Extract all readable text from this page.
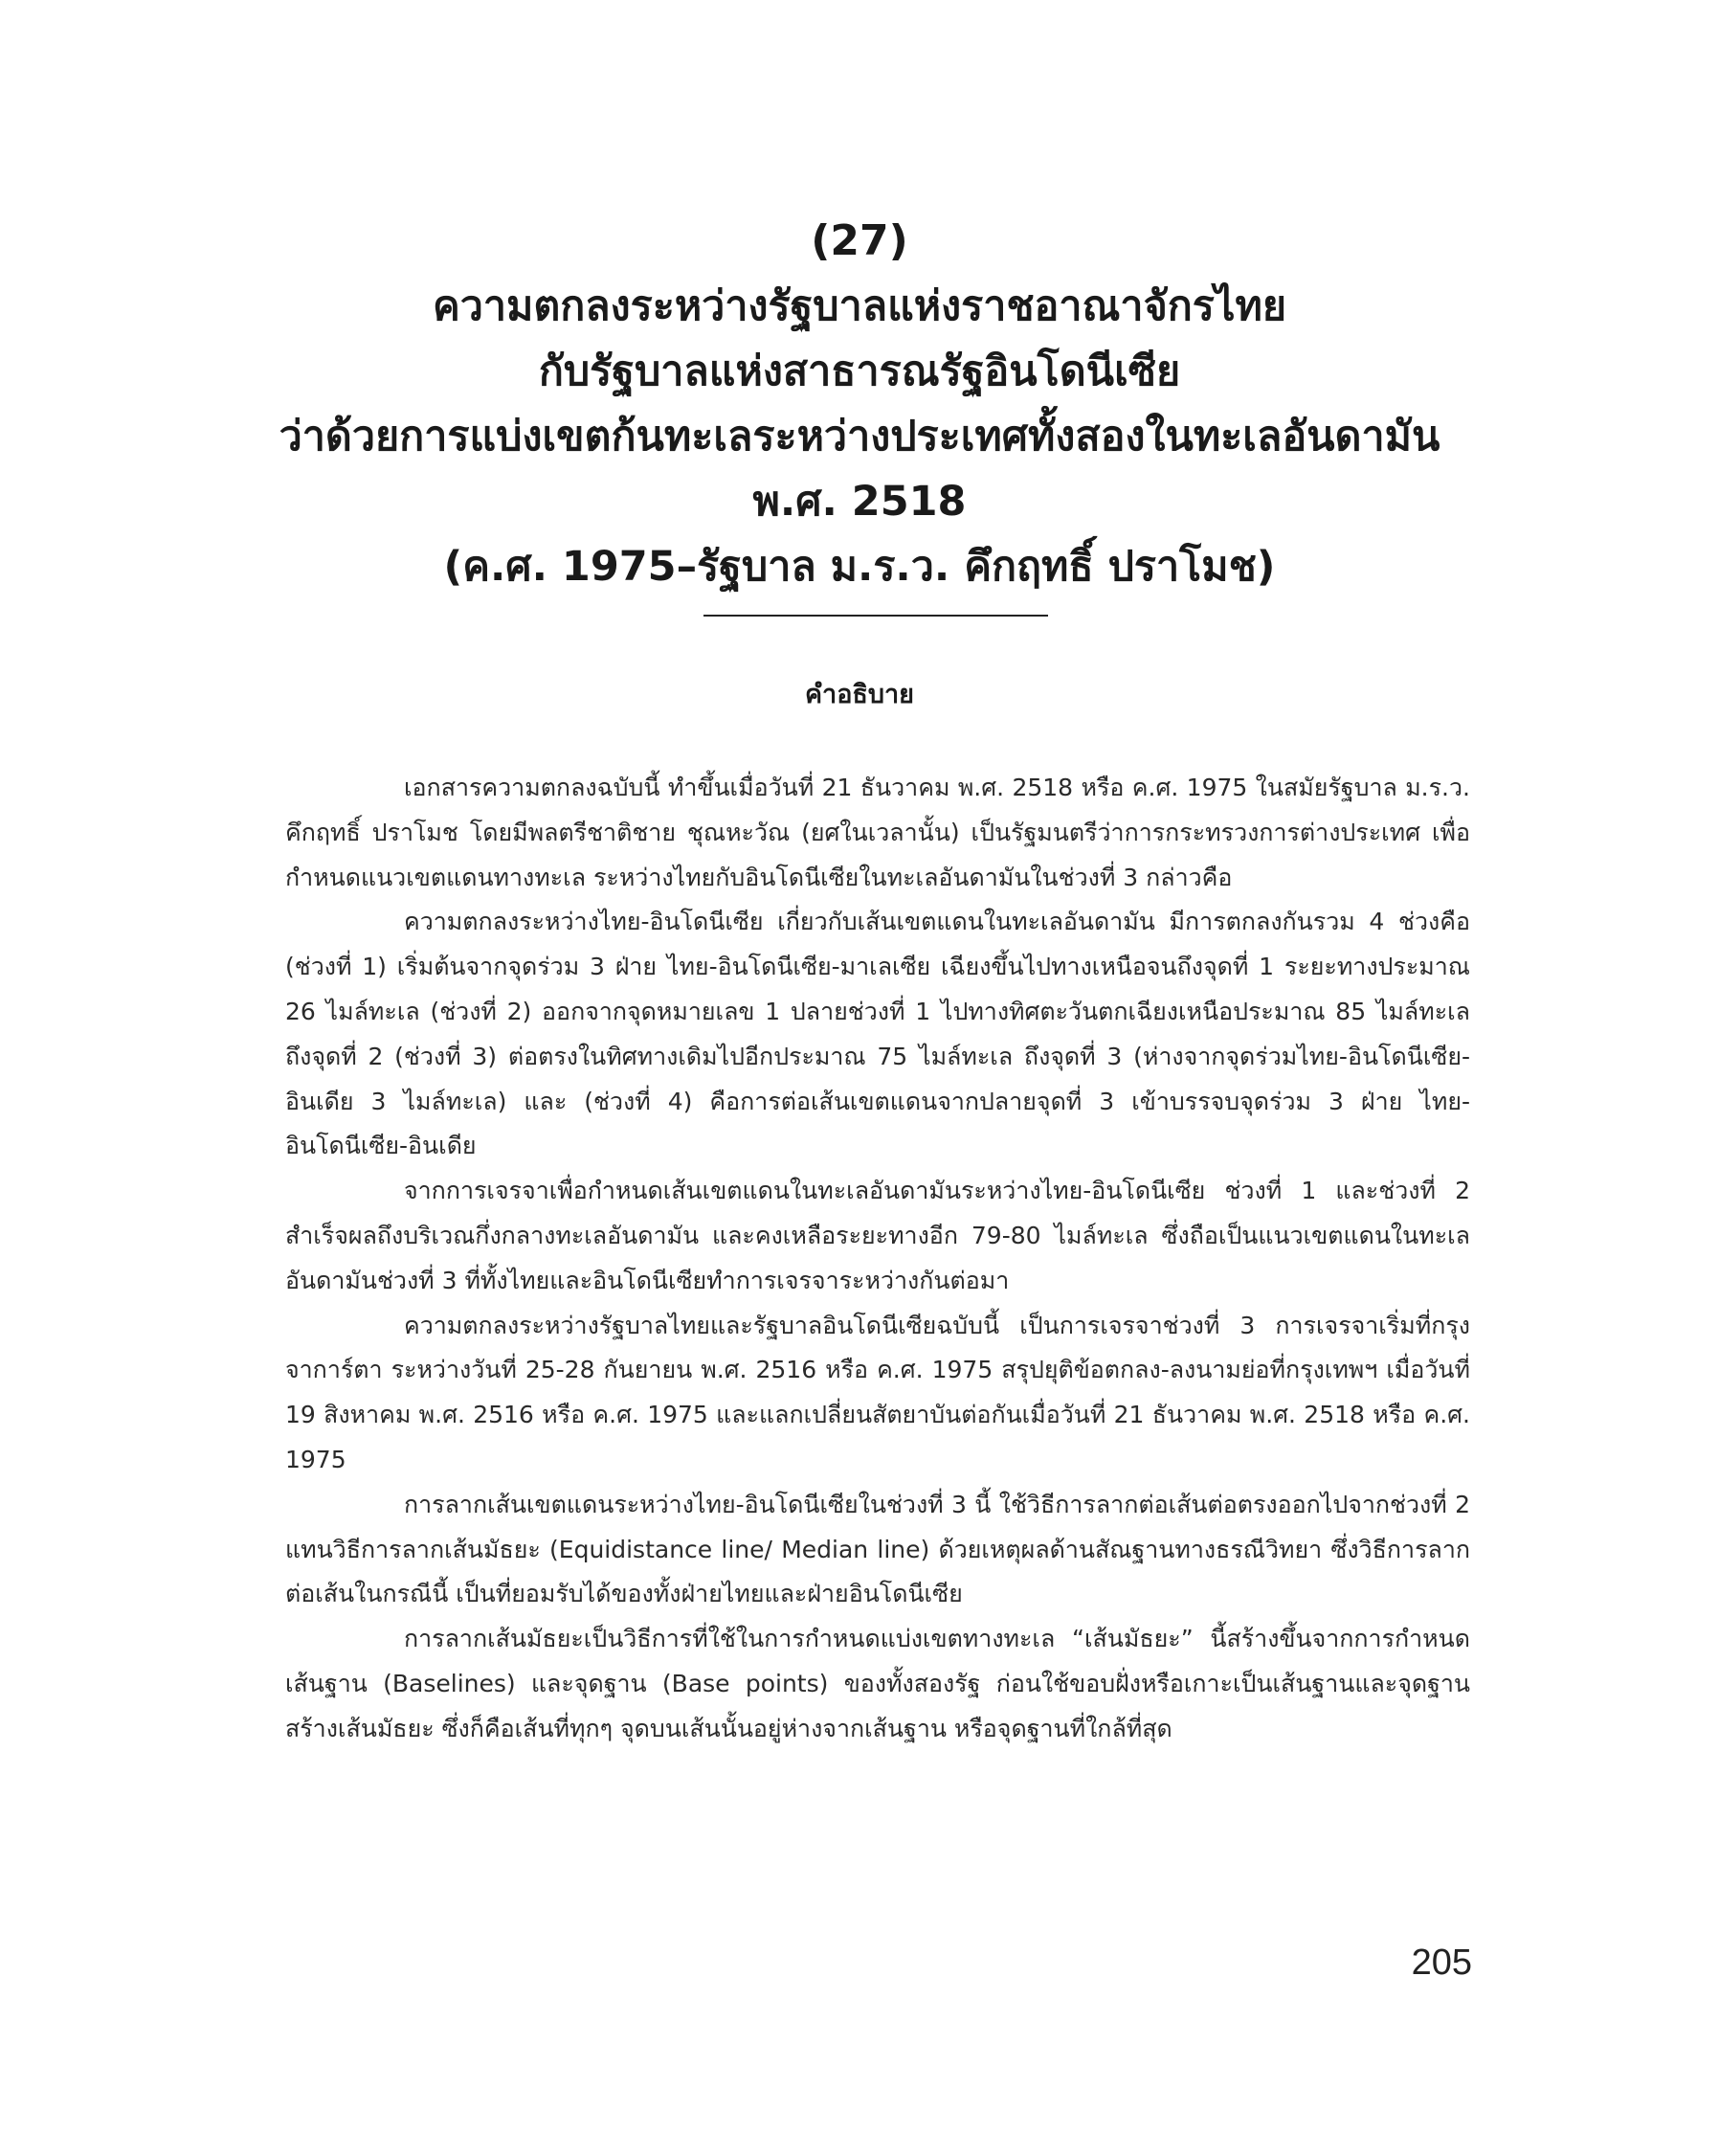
(27)
ความตกลงระหว่างรัฐบาลแห่งราชอาณาจักรไทย
กับรัฐบาลแห่งสาธารณรัฐอินโดนีเซีย
ว่าด้วยการแบ่งเขตก้นทะเลระหว่างประเทศทั้งสองในทะเลอันดามัน
พ.ศ. 2518
(ค.ศ. 1975–รัฐบาล ม.ร.ว. คึกฤทธิ์ ปราโมช)
คำอธิบาย

เอกสารความตกลงฉบับนี้ ทำขึ้นเมื่อวันที่ 21 ธันวาคม พ.ศ. 2518 หรือ ค.ศ. 1975 ในสมัยรัฐบาล ม.ร.ว. คึกฤทธิ์ ปราโมช โดยมีพลตรีชาติชาย ชุณหะวัณ (ยศในเวลานั้น) เป็นรัฐมนตรีว่าการกระทรวงการต่างประเทศ เพื่อกำหนดแนวเขตแดนทางทะเล ระหว่างไทยกับอินโดนีเซียในทะเลอันดามันในช่วงที่ 3 กล่าวคือ

ความตกลงระหว่างไทย-อินโดนีเซีย เกี่ยวกับเส้นเขตแดนในทะเลอันดามัน มีการตกลงกันรวม 4 ช่วงคือ (ช่วงที่ 1) เริ่มต้นจากจุดร่วม 3 ฝ่าย ไทย-อินโดนีเซีย-มาเลเซีย เฉียงขึ้นไปทางเหนือจนถึงจุดที่ 1 ระยะทางประมาณ 26 ไมล์ทะเล (ช่วงที่ 2) ออกจากจุดหมายเลข 1 ปลายช่วงที่ 1 ไปทางทิศตะวันตกเฉียงเหนือประมาณ 85 ไมล์ทะเล ถึงจุดที่ 2 (ช่วงที่ 3) ต่อตรงในทิศทางเดิมไปอีกประมาณ 75 ไมล์ทะเล ถึงจุดที่ 3 (ห่างจากจุดร่วมไทย-อินโดนีเซีย-อินเดีย 3 ไมล์ทะเล) และ (ช่วงที่ 4) คือการต่อเส้นเขตแดนจากปลายจุดที่ 3 เข้าบรรจบจุดร่วม 3 ฝ่าย ไทย-อินโดนีเซีย-อินเดีย

จากการเจรจาเพื่อกำหนดเส้นเขตแดนในทะเลอันดามันระหว่างไทย-อินโดนีเซีย ช่วงที่ 1 และช่วงที่ 2 สำเร็จผลถึงบริเวณกึ่งกลางทะเลอันดามัน และคงเหลือระยะทางอีก 79-80 ไมล์ทะเล ซึ่งถือเป็นแนวเขตแดนในทะเลอันดามันช่วงที่ 3 ที่ทั้งไทยและอินโดนีเซียทำการเจรจาระหว่างกันต่อมา

ความตกลงระหว่างรัฐบาลไทยและรัฐบาลอินโดนีเซียฉบับนี้ เป็นการเจรจาช่วงที่ 3 การเจรจาเริ่มที่กรุงจาการ์ตา ระหว่างวันที่ 25-28 กันยายน พ.ศ. 2516 หรือ ค.ศ. 1975 สรุปยุติข้อตกลง-ลงนามย่อที่กรุงเทพฯ เมื่อวันที่ 19 สิงหาคม พ.ศ. 2516 หรือ ค.ศ. 1975 และแลกเปลี่ยนสัตยาบันต่อกันเมื่อวันที่ 21 ธันวาคม พ.ศ. 2518 หรือ ค.ศ. 1975

การลากเส้นเขตแดนระหว่างไทย-อินโดนีเซียในช่วงที่ 3 นี้ ใช้วิธีการลากต่อเส้นต่อตรงออกไปจากช่วงที่ 2 แทนวิธีการลากเส้นมัธยะ (Equidistance line/ Median line) ด้วยเหตุผลด้านสัณฐานทางธรณีวิทยา ซึ่งวิธีการลากต่อเส้นในกรณีนี้ เป็นที่ยอมรับได้ของทั้งฝ่ายไทยและฝ่ายอินโดนีเซีย

การลากเส้นมัธยะเป็นวิธีการที่ใช้ในการกำหนดแบ่งเขตทางทะเล “เส้นมัธยะ” นี้สร้างขึ้นจากการกำหนดเส้นฐาน (Baselines) และจุดฐาน (Base points) ของทั้งสองรัฐ ก่อนใช้ขอบฝั่งหรือเกาะเป็นเส้นฐานและจุดฐานสร้างเส้นมัธยะ ซึ่งก็คือเส้นที่ทุกๆ จุดบนเส้นนั้นอยู่ห่างจากเส้นฐาน หรือจุดฐานที่ใกล้ที่สุด

205
